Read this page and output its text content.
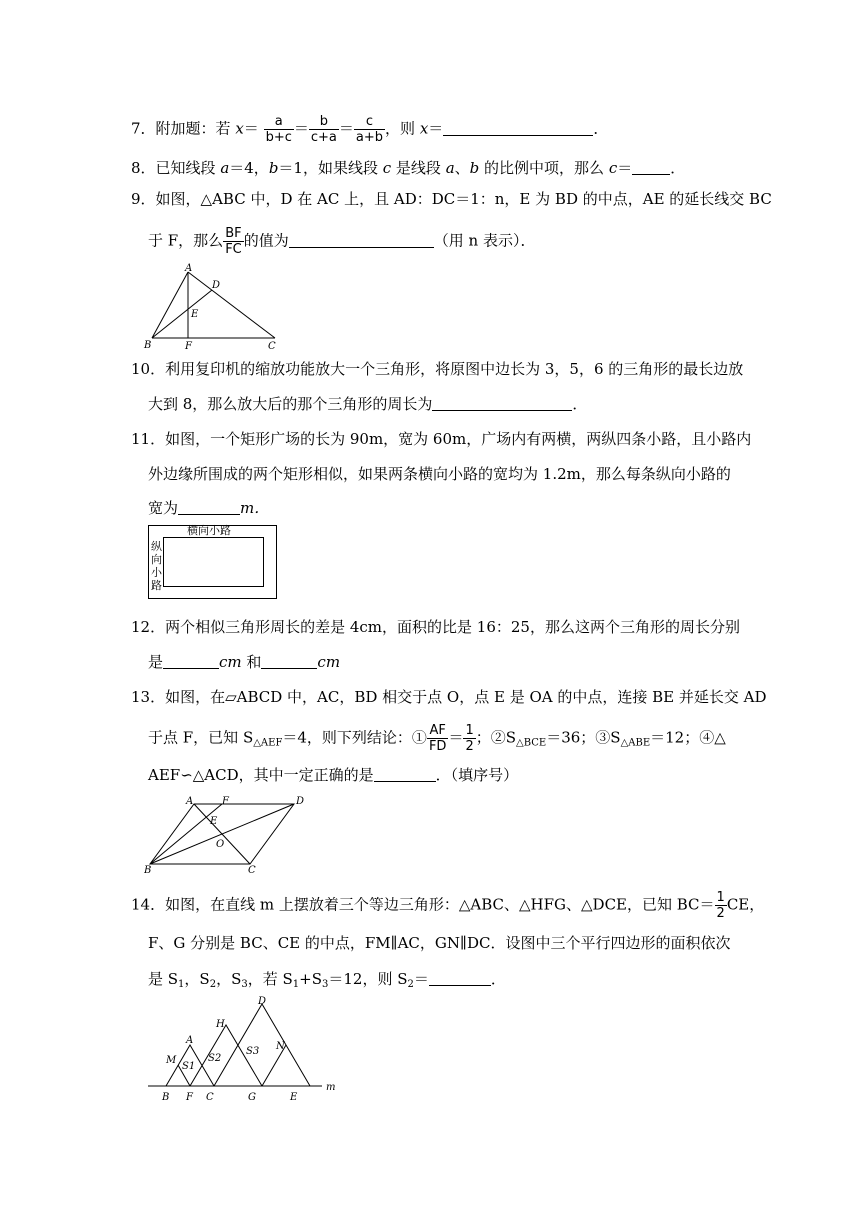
7．附加题：若 $x= \frac{a}{b+c} = \frac{b}{c+a} = \frac{c}{a+b}$ ，则 x＝	．
8．已知线段 a＝4，b＝1，如果线段 c 是线段 a、b 的比例中项，那么 c＝	．
9．如图，△ABC 中，D 在 AC 上，且 AD：DC＝1：n，E 为 BD 的中点，AE 的延长线交 BC
于 F，那么 $\frac{BF}{FC}$ 的值为	（用 n 表示）．
A
D
E
B	F	C
10．利用复印机的缩放功能放大一个三角形，将原图中边长为 3，5，6 的三角形的最长边放
大到 8，那么放大后的那个三角形的周长为	．
11．如图，一个矩形广场的长为 90m，宽为 60m，广场内有两横，两纵四条小路，且小路内
外边缘所围成的两个矩形相似，如果两条横向小路的宽均为 1.2m，那么每条纵向小路的
宽为	m．
横向小路
纵
向
小
路
12．两个相似三角形周长的差是 4cm，面积的比是 16：25，那么这两个三角形的周长分别
是	cm 和	cm
13．如图，在▱ABCD 中，AC，BD 相交于点 O，点 E 是 OA 的中点，连接 BE 并延长交 AD
于点 F，已知 $S_{\triangle AEF}=4$，则下列结论：① $\frac{AF}{FD} = \frac{1}{2}$ ；$②S_{\triangle BCE}=36$；$③S_{\triangle ABE}=12$；④△
AEF∽△ACD，其中一定正确的是	．（填序号）
A	F	D
E
O
B	C
14．如图，在直线 m 上摆放着三个等边三角形：△ABC、△HFG、△DCE，已知 $BC= \frac{1}{2}$ CE，
F、G 分别是 BC、CE 的中点，FM∥AC，GN∥DC．设图中三个平行四边形的面积依次
是 $S_1$，$S_2$，$S_3$，若 $S_1+S_3=12$，则 $S_2=$	．
D
H
A
M
N
S1
S2
S3
B F C	G	E
m
